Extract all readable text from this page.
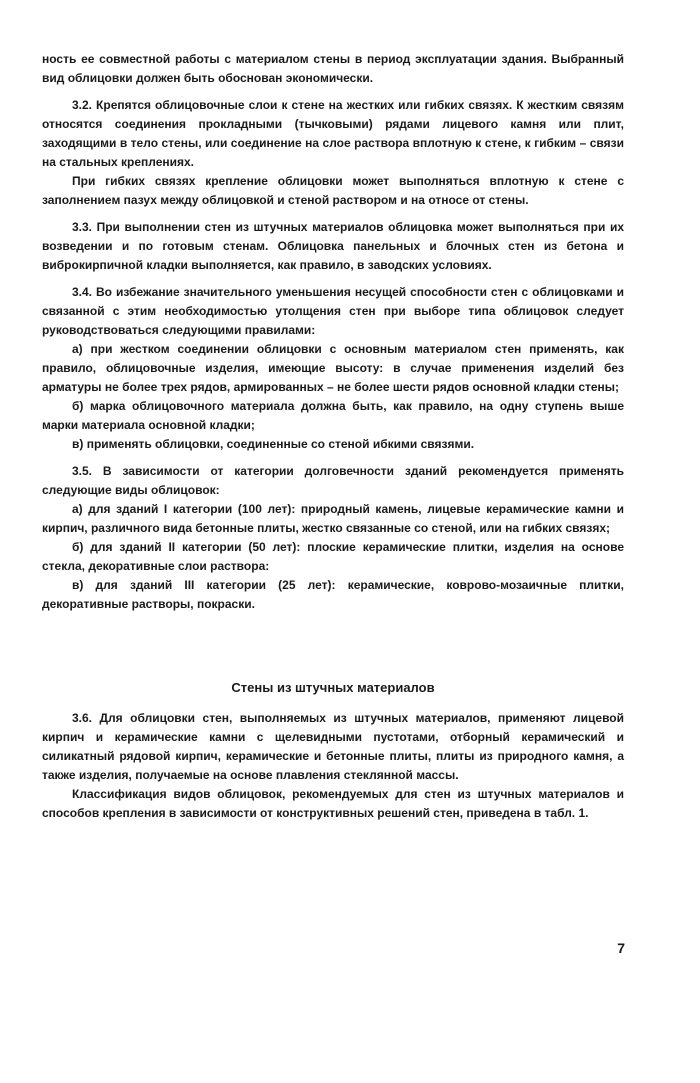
ность ее совместной работы с материалом стены в период эксплуатации здания. Выбранный вид облицовки должен быть обоснован экономически.

3.2. Крепятся облицовочные слои к стене на жестких или гибких связях. К жестким связям относятся соединения прокладными (тычковыми) рядами лицевого камня или плит, заходящими в тело стены, или соединение на слое раствора вплотную к стене, к гибким – связи на стальных креплениях.

При гибких связях крепление облицовки может выполняться вплотную к стене с заполнением пазух между облицовкой и стеной раствором и на относе от стены.

3.3. При выполнении стен из штучных материалов облицовка может выполняться при их возведении и по готовым стенам. Облицовка панельных и блочных стен из бетона и виброкирпичной кладки выполняется, как правило, в заводских условиях.

3.4. Во избежание значительного уменьшения несущей способности стен с облицовками и связанной с этим необходимостью утолщения стен при выборе типа облицовок следует руководствоваться следующими правилами:

а) при жестком соединении облицовки с основным материалом стен применять, как правило, облицовочные изделия, имеющие высоту: в случае применения изделий без арматуры не более трех рядов, армированных – не более шести рядов основной кладки стены;

б) марка облицовочного материала должна быть, как правило, на одну ступень выше марки материала основной кладки;

в) применять облицовки, соединенные со стеной ибкими связями.

3.5. В зависимости от категории долговечности зданий рекомендуется применять следующие виды облицовок:

а) для зданий I категории (100 лет): природный камень, лицевые керамические камни и кирпич, различного вида бетонные плиты, жестко связанные со стеной, или на гибких связях;

б) для зданий II категории (50 лет): плоские керамические плитки, изделия на основе стекла, декоративные слои раствора:

в) для зданий III категории (25 лет): керамические, коврово-мозаичные плитки, декоративные растворы, покраски.

Стены из штучных материалов

3.6. Для облицовки стен, выполняемых из штучных материалов, применяют лицевой кирпич и керамические камни с щелевидными пустотами, отборный керамический и силикатный рядовой кирпич, керамические и бетонные плиты, плиты из природного камня, а также изделия, получаемые на основе плавления стеклянной массы.

Классификация видов облицовок, рекомендуемых для стен из штучных материалов и способов крепления в зависимости от конструктивных решений стен, приведена в табл. 1.

7
